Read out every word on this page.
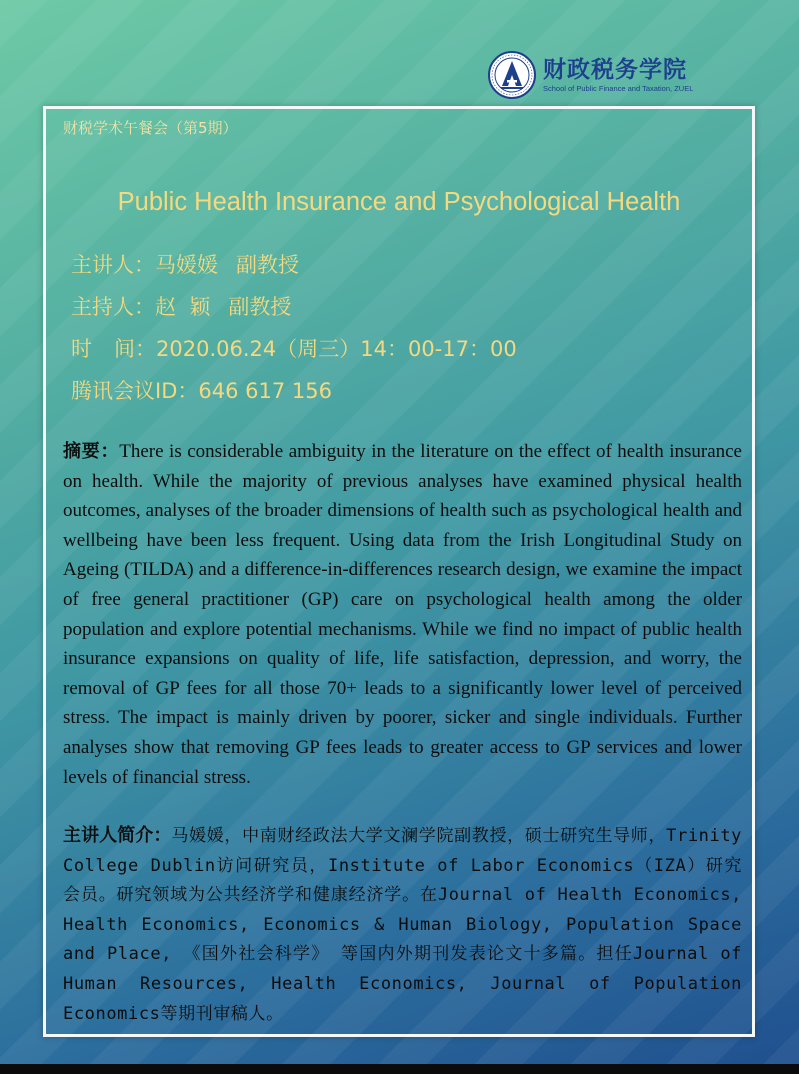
财政税务学院
School of Public Finance and Taxation, ZUEL
财税学术午餐会（第5期）
Public Health Insurance and Psychological Health
主讲人：马媛媛 副教授
主持人：赵  颖 副教授
时 间：2020.06.24（周三）14：00-17：00
腾讯会议ID：646 617 156

摘要：There is considerable ambiguity in the literature on the effect of health insurance on health. While the majority of previous analyses have examined physical health outcomes, analyses of the broader dimensions of health such as psychological health and wellbeing have been less frequent. Using data from the Irish Longitudinal Study on Ageing (TILDA) and a difference-in-differences research design, we examine the impact of free general practitioner (GP) care on psychological health among the older population and explore potential mechanisms. While we find no impact of public health insurance expansions on quality of life, life satisfaction, depression, and worry, the removal of GP fees for all those 70+ leads to a significantly lower level of perceived stress. The impact is mainly driven by poorer, sicker and single individuals. Further analyses show that removing GP fees leads to greater access to GP services and lower levels of financial stress.

主讲人简介：马媛媛，中南财经政法大学文澜学院副教授，硕士研究生导师，Trinity College Dublin访问研究员，Institute of Labor Economics（IZA）研究会员。研究领域为公共经济学和健康经济学。在Journal of Health Economics, Health Economics, Economics & Human Biology, Population Space and Place, 《国外社会科学》 等国内外期刊发表论文十多篇。担任Journal of Human Resources, Health Economics, Journal of Population Economics等期刊审稿人。
